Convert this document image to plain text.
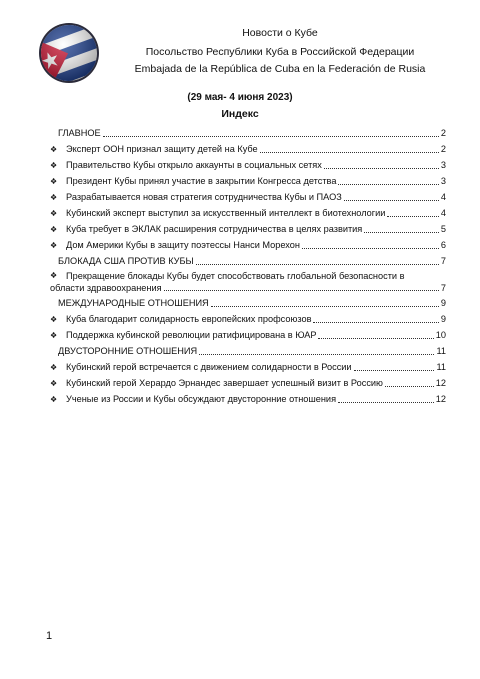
Новости о Кубе
Посольство Республики Куба в Российской Федерации
Embajada de la República de Cuba en la Federación de Rusia
(29 мая- 4 июня 2023)
Индекс
ГЛАВНОЕ	2
❖ Эксперт ООН признал защиту детей на Кубе	2
❖ Правительство Кубы открыло аккаунты в социальных сетях	3
❖ Президент Кубы принял участие в закрытии Конгресса детства	3
❖ Разрабатывается новая стратегия сотрудничества Кубы и ПАОЗ	4
❖ Кубинский эксперт выступил за искусственный интеллект в биотехнологии	4
❖ Куба требует в ЭКЛАК расширения сотрудничества в целях развития	5
❖ Дом Америки Кубы в защиту поэтессы Нанси Морехон	6
БЛОКАДА США ПРОТИВ КУБЫ	7
❖ Прекращение блокады Кубы будет способствовать глобальной безопасности в
области здравоохранения	7
МЕЖДУНАРОДНЫЕ ОТНОШЕНИЯ	9
❖ Куба благодарит солидарность европейских профсоюзов	9
❖ Поддержка кубинской революции ратифицирована в ЮАР	10
ДВУСТОРОННИЕ ОТНОШЕНИЯ	11
❖ Кубинский герой встречается с движением солидарности в России	11
❖ Кубинский герой Херардо Эрнандес завершает успешный визит в Россию	12
❖ Ученые из России и Кубы обсуждают двусторонние отношения	12
1
